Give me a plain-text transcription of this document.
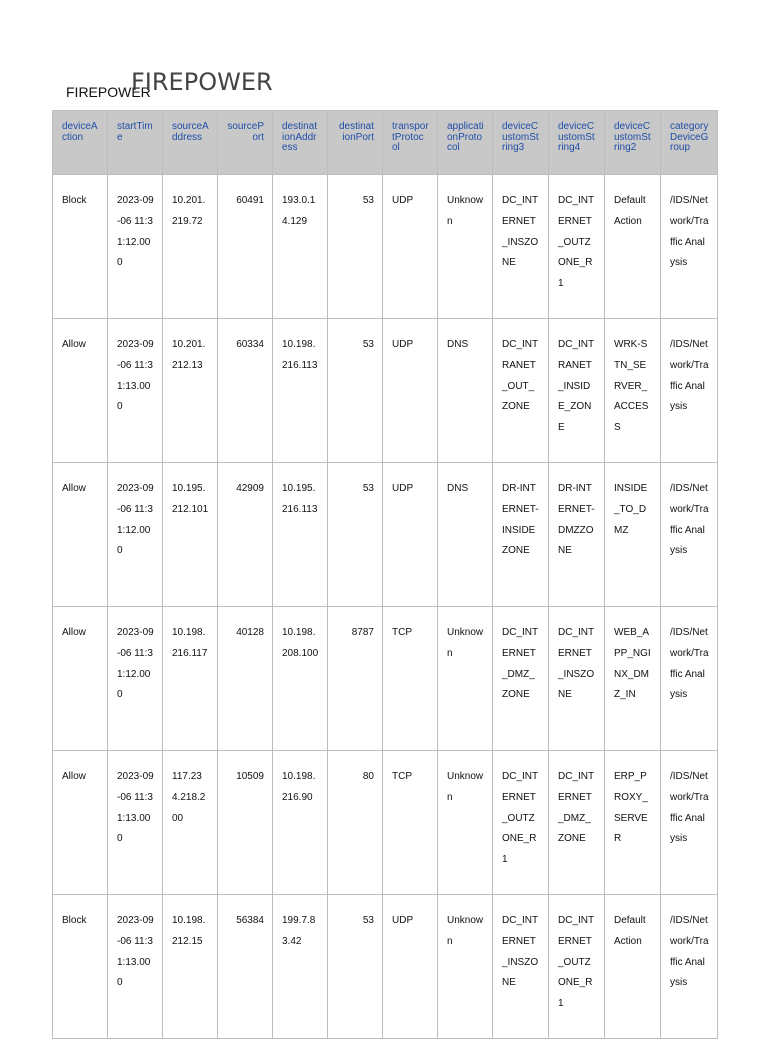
FIREPOWER
FIREPOWER
device​Action	startTi​me	source​Addres​s	source​Port	destinat​ionAddr​ess	destinat​ionPort	transpo​rtProtoc​ol	applicat​ionProt​ocol	device​Custom​String3	device​Custom​String4	device​Custom​String2	categor​yDevic​eGroup
Block	2023-09-06 11:31:12.000	10.201.219.72	60491	193.0.14.129	53	UDP	Unknown	DC_INTERNET_INSZONE	DC_INTERNET_OUTZONE_R1	Default Action	/IDS/Network/Traffic Analysis
Allow	2023-09-06 11:31:13.000	10.201.212.13	60334	10.198.216.113	53	UDP	DNS	DC_INTRANET_OUT_ZONE	DC_INTRANET_INSIDE_ZONE	WRK-STN_SERVER_ACCESS	/IDS/Network/Traffic Analysis
Allow	2023-09-06 11:31:12.000	10.195.212.101	42909	10.195.216.113	53	UDP	DNS	DR-INTERNET-INSIDEZONE	DR-INTERNET-DMZZONE	INSIDE_TO_DMZ	/IDS/Network/Traffic Analysis
Allow	2023-09-06 11:31:12.000	10.198.216.117	40128	10.198.208.100	8787	TCP	Unknown	DC_INTERNET_DMZ_ZONE	DC_INTERNET_INSZONE	WEB_APP_NGINX_DMZ_IN	/IDS/Network/Traffic Analysis
Allow	2023-09-06 11:31:13.000	117.234.218.200	10509	10.198.216.90	80	TCP	Unknown	DC_INTERNET_OUTZONE_R1	DC_INTERNET_DMZ_ZONE	ERP_PROXY_SERVER	/IDS/Network/Traffic Analysis
Block	2023-09-06 11:31:13.000	10.198.212.15	56384	199.7.83.42	53	UDP	Unknown	DC_INTERNET_INSZONE	DC_INTERNET_OUTZONE_R1	Default Action	/IDS/Network/Traffic Analysis
